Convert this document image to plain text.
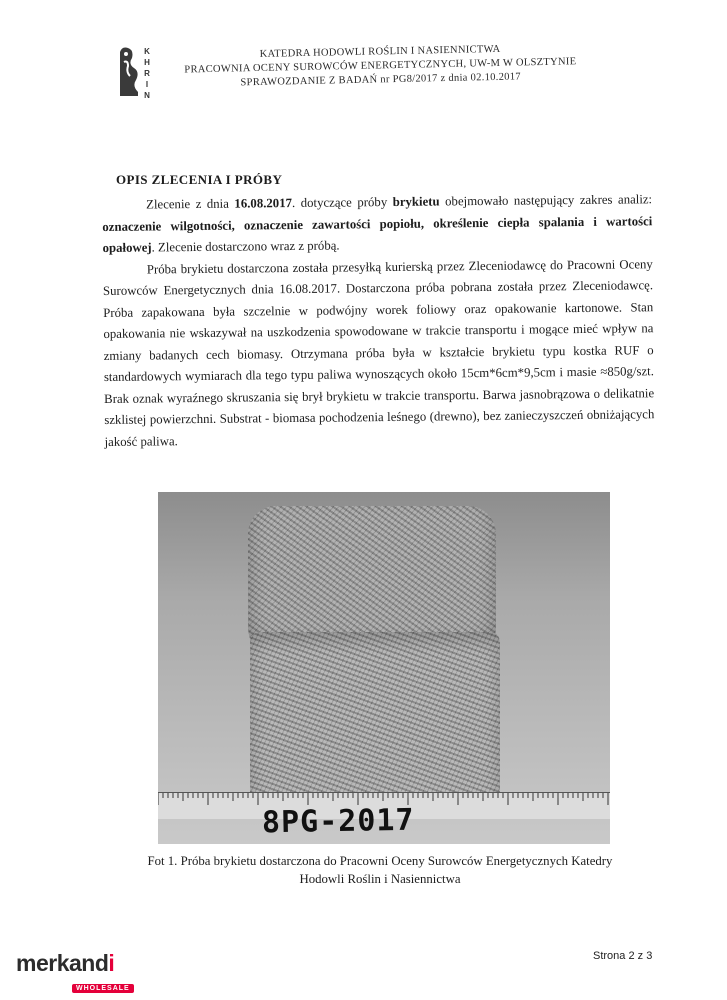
K
H
R
I
N
KATEDRA HODOWLI ROŚLIN I NASIENNICTWA
PRACOWNIA OCENY SUROWCÓW ENERGETYCZNYCH, UW-M W OLSZTYNIE
SPRAWOZDANIE Z BADAŃ nr PG8/2017 z dnia 02.10.2017
OPIS ZLECENIA I PRÓBY

Zlecenie z dnia 16.08.2017. dotyczące próby brykietu obejmowało następujący zakres analiz: oznaczenie wilgotności, oznaczenie zawartości popiołu, określenie ciepła spalania i wartości opałowej. Zlecenie dostarczono wraz z próbą.

Próba brykietu dostarczona została przesyłką kurierską przez Zleceniodawcę do Pracowni Oceny Surowców Energetycznych dnia 16.08.2017. Dostarczona próba pobrana została przez Zleceniodawcę. Próba zapakowana była szczelnie w podwójny worek foliowy oraz opakowanie kartonowe. Stan opakowania nie wskazywał na uszkodzenia spowodowane w trakcie transportu i mogące mieć wpływ na zmiany badanych cech biomasy. Otrzymana próba była w kształcie brykietu typu kostka RUF o standardowych wymiarach dla tego typu paliwa wynoszących około 15cm*6cm*9,5cm i masie ≈850g/szt. Brak oznak wyraźnego skruszania się brył brykietu w trakcie transportu. Barwa jasnobrązowa o delikatnie szklistej powierzchni. Substrat - biomasa pochodzenia leśnego (drewno), bez zanieczyszczeń obniżających jakość paliwa.

8PG-2017
Fot 1. Próba brykietu dostarczona do Pracowni Oceny Surowców Energetycznych Katedry
Hodowli Roślin i Nasiennictwa
merkandi
WHOLESALE
Strona 2 z 3
